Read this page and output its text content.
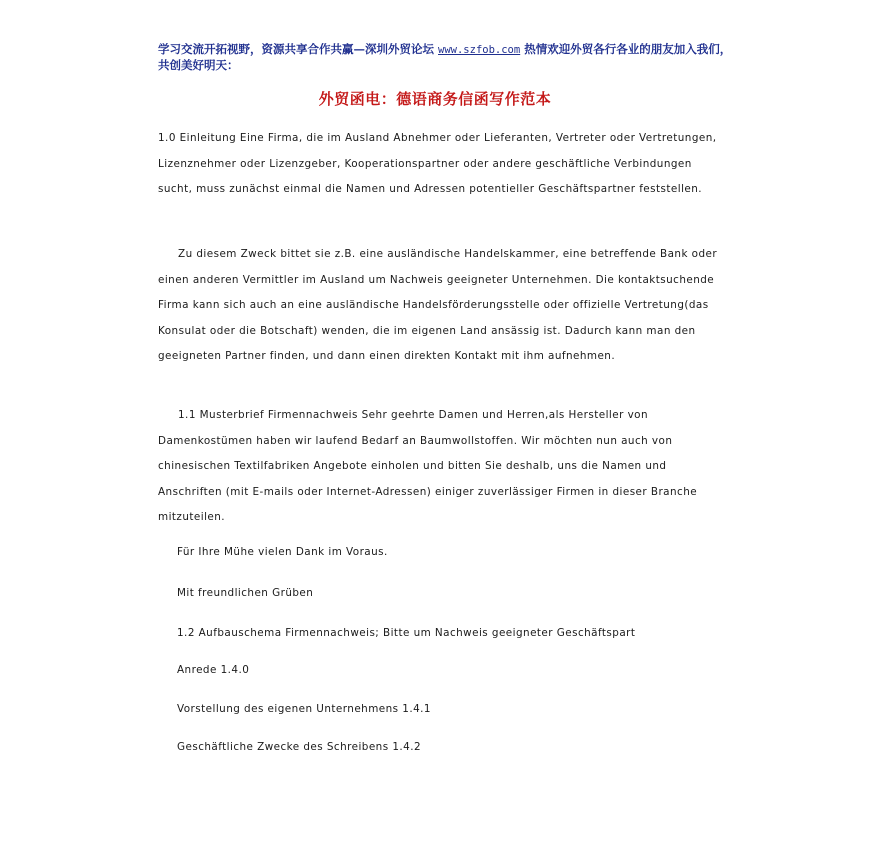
学习交流开拓视野，资源共享合作共赢—深圳外贸论坛 www.szfob.com 热情欢迎外贸各行各业的朋友加入我们，共创美好明天：
外贸函电：德语商务信函写作范本

1.0 Einleitung Eine Firma, die im Ausland Abnehmer oder Lieferanten, Vertreter oder Vertretungen, Lizenznehmer oder Lizenzgeber, Kooperationspartner oder andere geschäftliche Verbindungen sucht, muss zunächst einmal die Namen und Adressen potentieller Geschäftspartner feststellen.

Zu diesem Zweck bittet sie z.B. eine ausländische Handelskammer, eine betreffende Bank oder einen anderen Vermittler im Ausland um Nachweis geeigneter Unternehmen. Die kontaktsuchende Firma kann sich auch an eine ausländische Handelsförderungsstelle oder offizielle Vertretung(das Konsulat oder die Botschaft) wenden, die im eigenen Land ansässig ist. Dadurch kann man den geeigneten Partner finden, und dann einen direkten Kontakt mit ihm aufnehmen.

1.1 Musterbrief Firmennachweis Sehr geehrte Damen und Herren,als Hersteller von Damenkostümen haben wir laufend Bedarf an Baumwollstoffen. Wir möchten nun auch von chinesischen Textilfabriken Angebote einholen und bitten Sie deshalb, uns die Namen und Anschriften (mit E-mails oder Internet-Adressen) einiger zuverlässiger Firmen in dieser Branche mitzuteilen.

Für Ihre Mühe vielen Dank im Voraus.
Mit freundlichen Grüben
1.2 Aufbauschema Firmennachweis; Bitte um Nachweis geeigneter Geschäftspart
Anrede 1.4.0
Vorstellung des eigenen Unternehmens 1.4.1
Geschäftliche Zwecke des Schreibens 1.4.2
